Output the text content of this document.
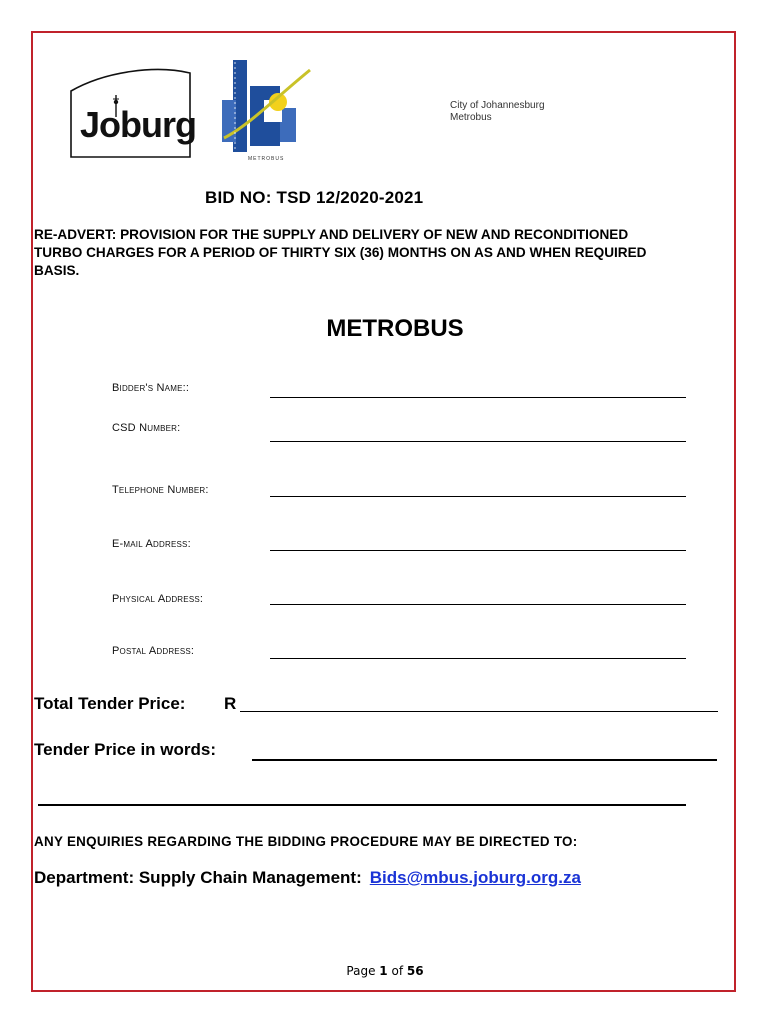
Joburg
METROBUS
City of Johannesburg
Metrobus
BID NO: TSD 12/2020-2021
RE-ADVERT: PROVISION FOR THE SUPPLY AND DELIVERY OF NEW AND RECONDITIONED
TURBO CHARGES FOR A PERIOD OF THIRTY SIX (36) MONTHS ON AS AND WHEN REQUIRED
BASIS.
METROBUS
Bidder's Name::
CSD Number:
Telephone Number:
E-mail Address:
Physical Address:
Postal Address:
Total Tender Price: R
Tender Price in words:
ANY ENQUIRIES REGARDING THE BIDDING PROCEDURE MAY BE DIRECTED TO:
Department: Supply Chain Management: Bids@mbus.joburg.org.za
Page 1 of 56
